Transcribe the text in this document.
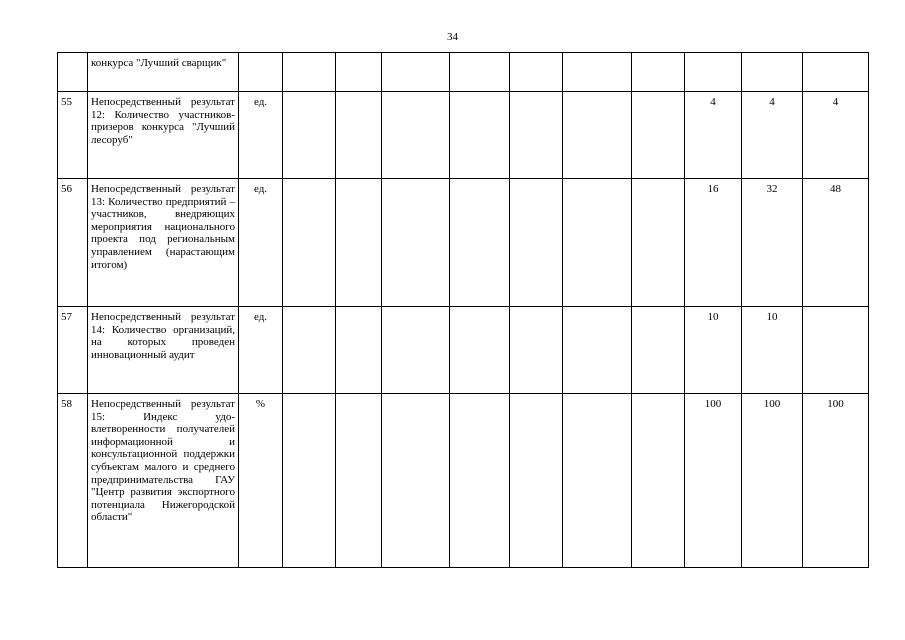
34
	конкурса "Лучший сварщик"											
55	Непосредственный результат 12: Количество участников-призеров конкурса "Лучший лесоруб"	ед.								4	4	4
56	Непосредственный результат 13: Количество предприятий – участников, внедряющих мероприятия национального проекта под региональным управлением (нарастающим итогом)	ед.								16	32	48
57	Непосредственный результат 14: Количество организаций, на которых проведен инновационный аудит	ед.								10	10	
58	Непосредственный результат 15: Индекс удовлетворенности получателей информационной и консультационной поддержки субъектам малого и среднего предпринимательства ГАУ "Центр развития экспортного потенциала Нижегородской области"	%								100	100	100
